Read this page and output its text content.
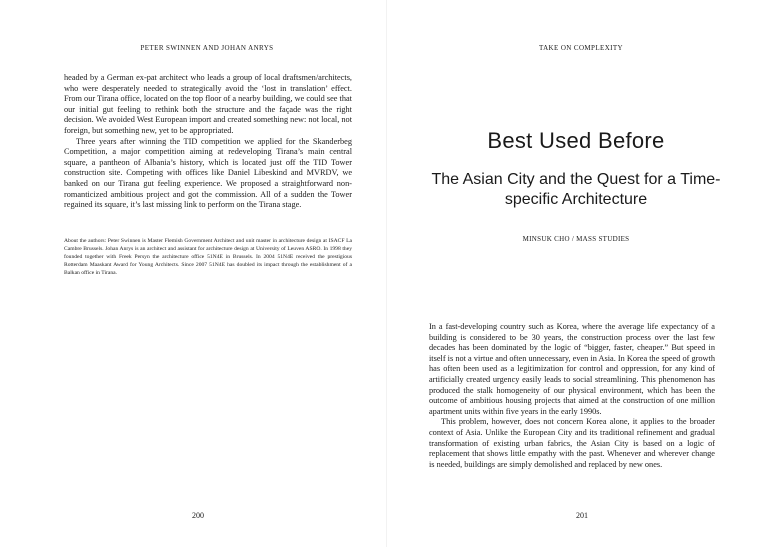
PETER SWINNEN AND JOHAN ANRYS

headed by a German ex-pat architect who leads a group of local draftsmen/architects, who were desperately needed to strategically avoid the ‘lost in translation’ effect. From our Tirana office, located on the top floor of a nearby building, we could see that our initial gut feeling to rethink both the structure and the façade was the right decision. We avoided West European import and created something new: not local, not foreign, but something new, yet to be appropriated.

Three years after winning the TID competition we applied for the Skanderbeg Competition, a major competition aiming at redeveloping Tirana’s main central square, a pantheon of Albania’s history, which is located just off the TID Tower construction site. Competing with offices like Daniel Libeskind and MVRDV, we banked on our Tirana gut feeling experience. We proposed a straightforward non-romanticized ambitious project and got the commission. All of a sudden the Tower regained its square, it’s last missing link to perform on the Tirana stage.

About the authors: Peter Swinnen is Master Flemish Government Architect and unit master in architecture design at ISACF La Cambre Brussels. Johan Anrys is an architect and assistant for architecture design at University of Leuven ASRO. In 1998 they founded together with Freek Persyn the architecture office 51N4E in Brussels. In 2004 51N4E received the prestigious Rotterdam Maaskant Award for Young Architects. Since 2007 51N4E has doubled its impact through the establishment of a Balkan office in Tirana.
200
TAKE ON COMPLEXITY
201
Best Used Before
The Asian City and the Quest for a Time-specific Architecture
MINSUK CHO / MASS STUDIES

In a fast-developing country such as Korea, where the average life expectancy of a building is considered to be 30 years, the construction process over the last few decades has been dominated by the logic of “bigger, faster, cheaper.” But speed in itself is not a virtue and often unnecessary, even in Asia. In Korea the speed of growth has often been used as a legitimization for control and oppression, for any kind of artificially created urgency easily leads to social streamlining. This phenomenon has produced the stalk homogeneity of our physical environment, which has been the outcome of ambitious housing projects that aimed at the construction of one million apartment units within five years in the early 1990s.

This problem, however, does not concern Korea alone, it applies to the broader context of Asia. Unlike the European City and its traditional refinement and gradual transformation of existing urban fabrics, the Asian City is based on a logic of replacement that shows little empathy with the past. Whenever and wherever change is needed, buildings are simply demolished and replaced by new ones.
